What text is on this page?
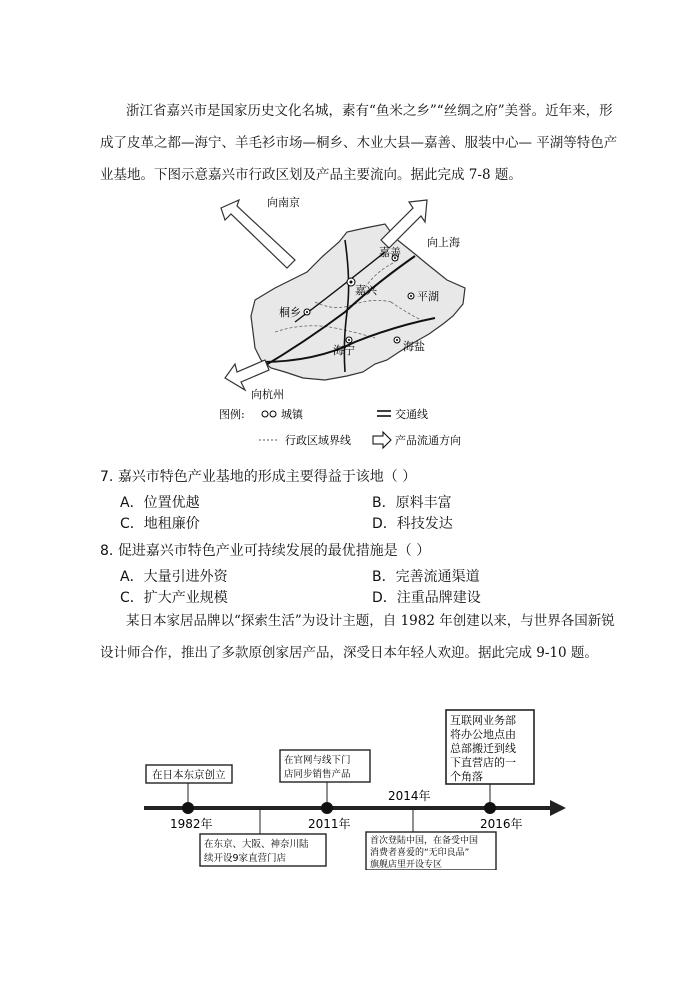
浙江省嘉兴市是国家历史文化名城，素有“鱼米之乡”“丝绸之府”美誉。近年来，形成了皮革之都—海宁、羊毛衫市场—桐乡、木业大县—嘉善、服装中心— 平湖等特色产业基地。下图示意嘉兴市行政区划及产品主要流向。据此完成 7-8 题。
向南京
向上海
向杭州
嘉善
嘉兴	平湖
桐乡
海宁	海盐
图例:	城镇	交通线
行政区域界线	产品流通方向
7. 嘉兴市特色产业基地的形成主要得益于该地（ ）
A．位置优越	B．原料丰富
C．地租廉价	D．科技发达
8. 促进嘉兴市特色产业可持续发展的最优措施是（ ）
A．大量引进外资	B．完善流通渠道
C．扩大产业规模	D．注重品牌建设
某日本家居品牌以“探索生活”为设计主题，自 1982 年创建以来，与世界各国新锐设计师合作，推出了多款原创家居产品，深受日本年轻人欢迎。据此完成 9-10 题。
1982年	2011年
2014年
2016年
在日本东京创立
在东京、大阪、神奈川陆
续开设9家直营门店
在官网与线下门
店同步销售产品
首次登陆中国，在备受中国
消费者喜爱的“无印良品”
旗舰店里开设专区
互联网业务部
将办公地点由
总部搬迁到线
下直营店的一
个角落
